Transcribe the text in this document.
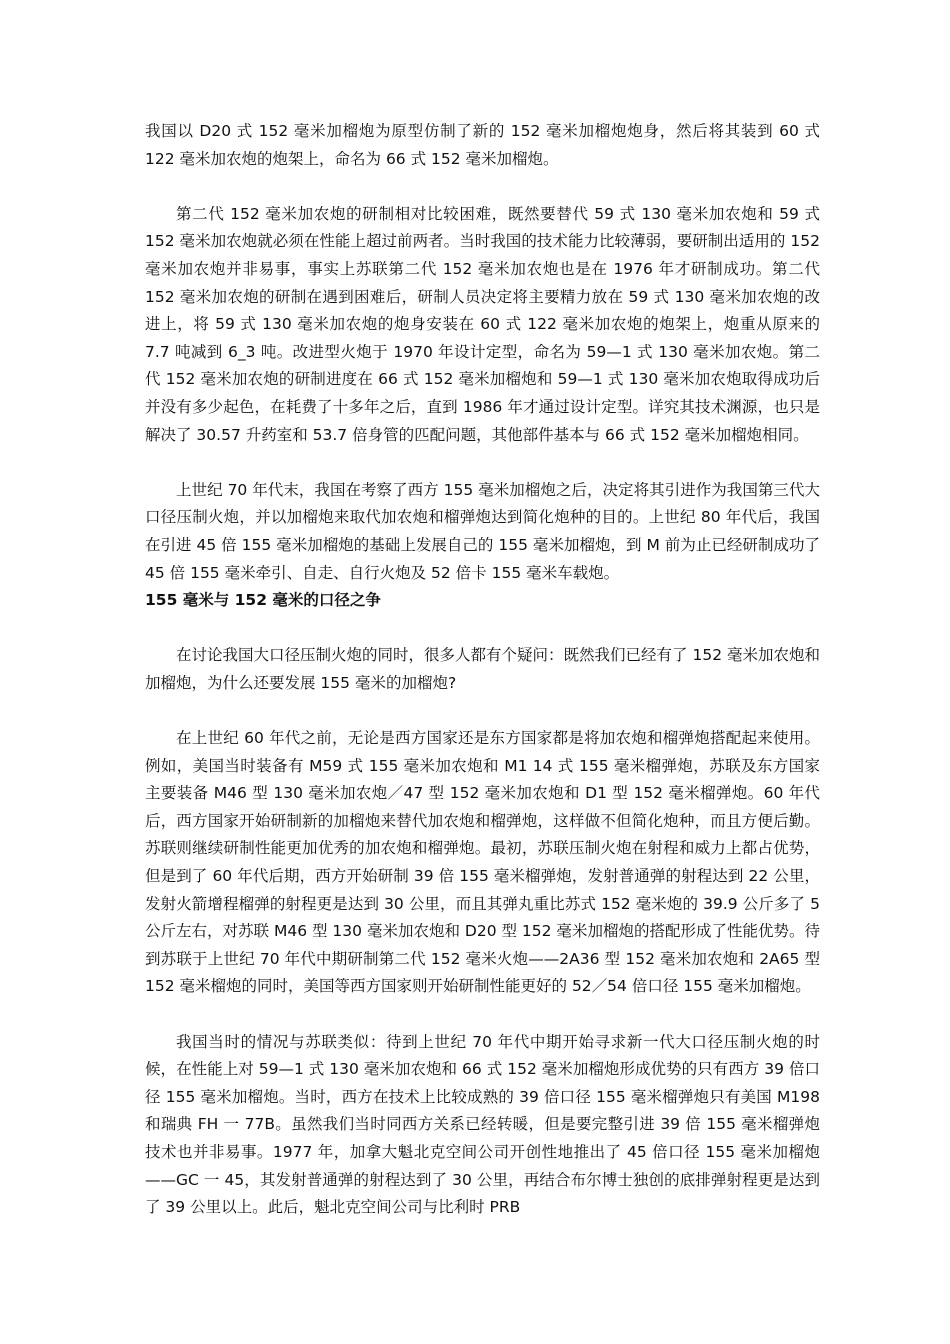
我国以 D20 式 152 毫米加榴炮为原型仿制了新的 152 毫米加榴炮炮身，然后将其装到 60 式 122 毫米加农炮的炮架上，命名为 66 式 152 毫米加榴炮。

第二代 152 毫米加农炮的研制相对比较困难，既然要替代 59 式 130 毫米加农炮和 59 式 152 毫米加农炮就必须在性能上超过前两者。当时我国的技术能力比较薄弱，要研制出适用的 152 毫米加农炮并非易事，事实上苏联第二代 152 毫米加农炮也是在 1976 年才研制成功。第二代 152 毫米加农炮的研制在遇到困难后，研制人员决定将主要精力放在 59 式 130 毫米加农炮的改进上，将 59 式 130 毫米加农炮的炮身安装在 60 式 122 毫米加农炮的炮架上，炮重从原来的 7.7 吨减到 6_3 吨。改进型火炮于 1970 年设计定型，命名为 59—1 式 130 毫米加农炮。第二代 152 毫米加农炮的研制进度在 66 式 152 毫米加榴炮和 59—1 式 130 毫米加农炮取得成功后并没有多少起色，在耗费了十多年之后，直到 1986 年才通过设计定型。详究其技术渊源，也只是解决了 30.57 升药室和 53.7 倍身管的匹配问题，其他部件基本与 66 式 152 毫米加榴炮相同。

上世纪 70 年代末，我国在考察了西方 155 毫米加榴炮之后，决定将其引进作为我国第三代大口径压制火炮，并以加榴炮来取代加农炮和榴弹炮达到简化炮种的目的。上世纪 80 年代后，我国在引进 45 倍 155 毫米加榴炮的基础上发展自己的 155 毫米加榴炮，到 M 前为止已经研制成功了 45 倍 155 毫米牵引、自走、自行火炮及 52 倍卡 155 毫米车载炮。

155 毫米与 152 毫米的口径之争

在讨论我国大口径压制火炮的同时，很多人都有个疑问：既然我们已经有了 152 毫米加农炮和加榴炮，为什么还要发展 155 毫米的加榴炮?

在上世纪 60 年代之前，无论是西方国家还是东方国家都是将加农炮和榴弹炮搭配起来使用。例如，美国当时装备有 M59 式 155 毫米加农炮和 M1 14 式 155 毫米榴弹炮，苏联及东方国家主要装备 M46 型 130 毫米加农炮／47 型 152 毫米加农炮和 D1 型 152 毫米榴弹炮。60 年代后，西方国家开始研制新的加榴炮来替代加农炮和榴弹炮，这样做不但简化炮种，而且方便后勤。苏联则继续研制性能更加优秀的加农炮和榴弹炮。最初，苏联压制火炮在射程和威力上都占优势，但是到了 60 年代后期，西方开始研制 39 倍 155 毫米榴弹炮，发射普通弹的射程达到 22 公里，发射火箭增程榴弹的射程更是达到 30 公里，而且其弹丸重比苏式 152 毫米炮的 39.9 公斤多了 5 公斤左右，对苏联 M46 型 130 毫米加农炮和 D20 型 152 毫米加榴炮的搭配形成了性能优势。待到苏联于上世纪 70 年代中期研制第二代 152 毫米火炮——2A36 型 152 毫米加农炮和 2A65 型 152 毫米榴炮的同时，美国等西方国家则开始研制性能更好的 52／54 倍口径 155 毫米加榴炮。

我国当时的情况与苏联类似：待到上世纪 70 年代中期开始寻求新一代大口径压制火炮的时候，在性能上对 59—1 式 130 毫米加农炮和 66 式 152 毫米加榴炮形成优势的只有西方 39 倍口径 155 毫米加榴炮。当时，西方在技术上比较成熟的 39 倍口径 155 毫米榴弹炮只有美国 M198 和瑞典 FH 一 77B。虽然我们当时同西方关系已经转暖，但是要完整引进 39 倍 155 毫米榴弹炮技术也并非易事。1977 年，加拿大魁北克空间公司开创性地推出了 45 倍口径 155 毫米加榴炮——GC 一 45，其发射普通弹的射程达到了 30 公里，再结合布尔博士独创的底排弹射程更是达到了 39 公里以上。此后，魁北克空间公司与比利时 PRB
